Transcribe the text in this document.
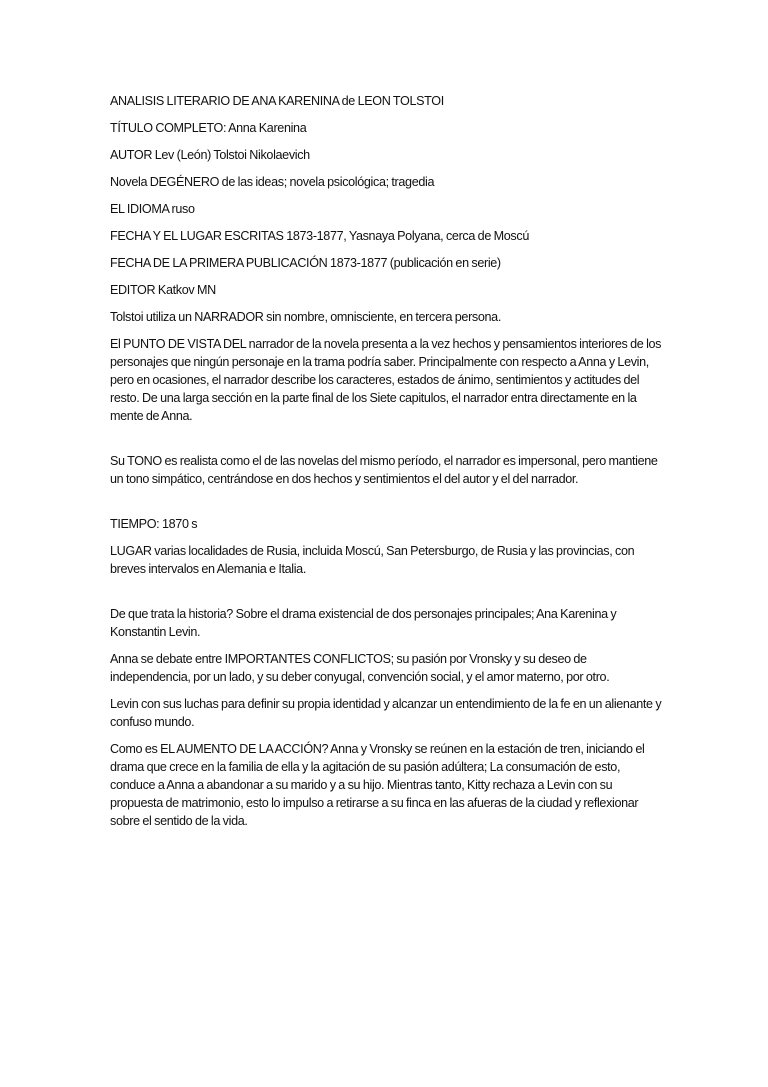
ANALISIS LITERARIO DE ANA KARENINA de LEON TOLSTOI

TÍTULO COMPLETO: Anna Karenina

AUTOR Lev (León) Tolstoi Nikolaevich

Novela DEGÉNERO de las ideas; novela psicológica; tragedia

EL IDIOMA ruso

FECHA Y EL LUGAR ESCRITAS 1873-1877, Yasnaya Polyana, cerca de Moscú

FECHA DE LA PRIMERA PUBLICACIÓN 1873-1877 (publicación en serie)

EDITOR Katkov MN

Tolstoi utiliza un NARRADOR sin nombre, omnisciente, en tercera persona.

El PUNTO DE VISTA DEL narrador de la novela presenta a la vez hechos y pensamientos interiores de los personajes que ningún personaje en la trama podría saber. Principalmente con respecto a Anna y Levin, pero en ocasiones, el narrador describe los caracteres, estados de ánimo, sentimientos y actitudes del resto. De una larga sección en la parte final de los Siete capitulos, el narrador entra directamente en la mente de Anna.

Su TONO es realista como el de las novelas del mismo período, el narrador es impersonal, pero mantiene un tono simpático, centrándose en dos hechos y sentimientos el del autor y el del narrador.

TIEMPO: 1870 s

LUGAR varias localidades de Rusia, incluida Moscú, San Petersburgo, de Rusia y las provincias, con breves intervalos en Alemania e Italia.

De que trata la historia? Sobre el drama existencial de dos personajes principales; Ana Karenina y Konstantin Levin.

Anna se debate entre IMPORTANTES CONFLICTOS; su pasión por Vronsky y su deseo de independencia, por un lado, y su deber conyugal, convención social, y el amor materno, por otro.

Levin con sus luchas para definir su propia identidad y alcanzar un entendimiento de la fe en un alienante y confuso mundo.

Como es EL AUMENTO DE LA ACCIÓN? Anna y Vronsky se reúnen en la estación de tren, iniciando el drama que crece en la familia de ella y la agitación de su pasión adúltera; La consumación de esto, conduce a Anna a abandonar a su marido y a su hijo. Mientras tanto, Kitty rechaza a Levin con su propuesta de matrimonio, esto lo impulso a retirarse a su finca en las afueras de la ciudad y reflexionar sobre el sentido de la vida.
